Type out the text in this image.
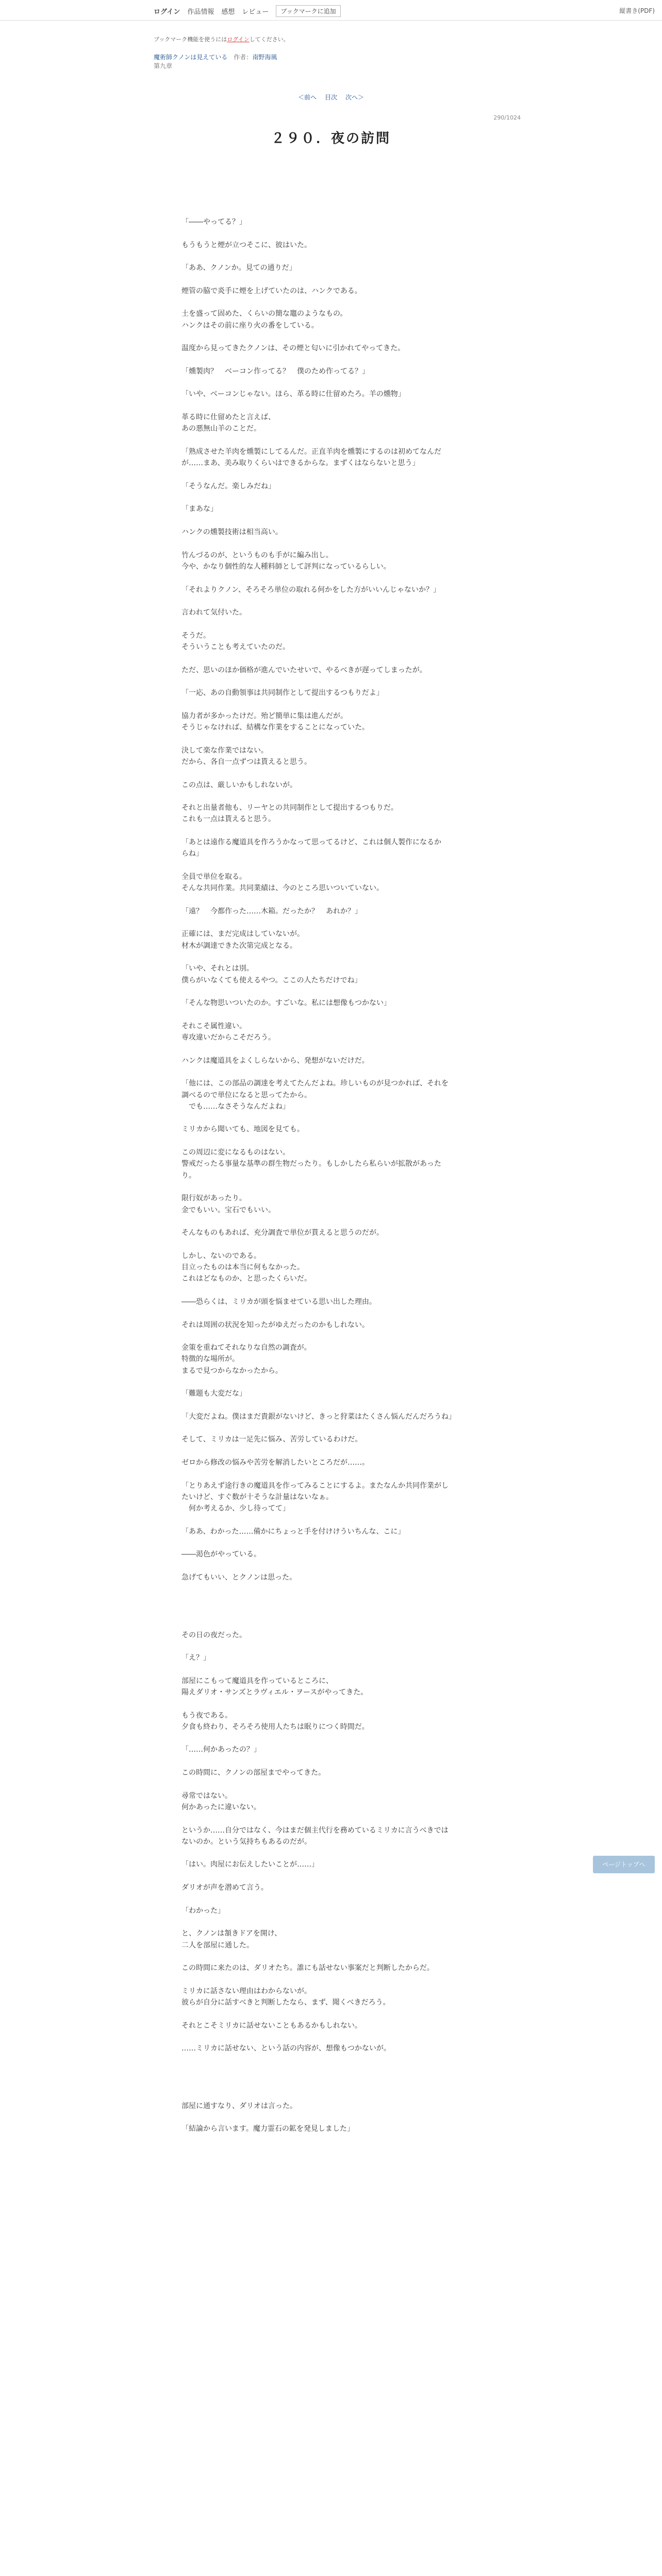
ログイン 作品情報 感想 レビュー	ブックマークに追加	縦書き(PDF)
ブックマーク機能を使うにはログインしてください。
魔術師クノンは見えている　 作者：南野海風
第九章
＜前へ 目次 次へ＞
290/1024
２９０．夜の訪問

「――やってる？」

もうもうと煙が立つそこに、彼はいた。

「ああ、クノンか。見ての通りだ」

煙管の脇で炎手に煙を上げていたのは、ハンクである。

土を盛って固めた、くらいの簡な竈のようなもの。

ハンクはその前に座り火の番をしている。

温度から見ってきたクノンは、その煙と匂いに引かれてやってきた。

「燻製肉？　ベーコン作ってる？　僕のため作ってる？」

「いや、ベーコンじゃない。ほら、革る時に仕留めたろ。羊の燻物」

革る時に仕留めたと言えば、

あの悪無山羊のことだ。

「熟成させた羊肉を燻製にしてるんだ。正直羊肉を燻製にするのは初めてなんだ

が……まあ、美み取りくらいはできるからな。まずくはならないと思う」

「そうなんだ。楽しみだね」

「まあな」

ハンクの燻製技術は相当高い。

竹んづるのが、というものも手がに編み出し。

今や、かなり個性的な人種料師として評判になっているらしい。

「それよりクノン、そろそろ単位の取れる何かをした方がいいんじゃないか？」

言われて気付いた。

そうだ。

そういうことも考えていたのだ。

ただ、思いのほか価格が進んでいたせいで、やるべきが遅ってしまったが。

「一応、あの自動領事は共同制作として提出するつもりだよ」

協力者が多かったけだ。殆ど簡単に集は進んだが。

そうじゃなければ、結構な作業をすることになっていた。

決して楽な作業ではない。

だから、各自一点ずつは貰えると思う。

この点は、厳しいかもしれないが。

それと出量者他も、リーヤとの共同制作として提出するつもりだ。

これも一点は貰えると思う。

「あとは遠作る魔道具を作ろうかなって思ってるけど、これは個人製作になるか

らね」

全員で単位を取る。

そんな共同作業。共同業績は、今のところ思いついていない。

「遠？　今都作った……木箱。だったか？　あれか？」

正確には、まだ完成はしていないが。

材木が調達できた次第完成となる。

「いや、それとは別。

僕らがいなくても使えるやつ。ここの人たちだけでね」

「そんな物思いついたのか。すごいな。私には想像もつかない」

それこそ属性違い。

専攻違いだからこそだろう。

ハンクは魔道具をよくしらないから、発想がないだけだ。

「他には、この部品の調達を考えてたんだよね。珍しいものが見つかれば、それを

調べるので単位になると思ってたから。

　でも……なさそうなんだよね」

ミリカから聞いても、地図を見ても。

この周辺に変になるものはない。

警戒だったる事量な基準の群生物だったり。もしかしたら私らいが拡散があった

り。

限行奴があったり。

金でもいい。宝石でもいい。

そんなものもあれば、充分調査で単位が貰えると思うのだが。

しかし、ないのである。

目立ったものは本当に何もなかった。

これはどなものか、と思ったくらいだ。

――恐らくは、ミリカが頭を悩ませている思い出した理由。

それは周囲の状況を知ったがゆえだったのかもしれない。

金策を重ねてそれなりな自然の調査が。

特徴的な場所が。

まるで見つからなかったから。

「難題も大変だな」

「大変だよね。僕はまだ貴銀がないけど、きっと狩菜はたくさん悩んだんだろうね」

そして、ミリカは一足先に悩み、苦労しているわけだ。

ゼロから修改の悩みや苦労を解消したいところだが……。

「とりあえず途行きの魔道具を作ってみることにするよ。またなんか共同作業がし

たいけど、すぐ数が十そうな計量はないなぁ。

　何か考えるか、少し待ってて」

「ああ、わかった……備かにちょっと手を付けけういちんな、こに」

――渇色がやっている。

急げてもいい、とクノンは思った。

その日の夜だった。

「え？」

部屋にこもって魔道具を作っているところに、

陽えダリオ・サンズとラヴィエル・ヲースがやってきた。

もう夜である。

夕食も終わり、そろそろ使用人たちは眠りにつく時間だ。

「……何かあったの？」

この時間に、クノンの部屋までやってきた。

尋常ではない。

何かあったに違いない。

というか……自分ではなく、今はまだ個主代行を務めているミリカに言うべきでは

ないのか。という気持ちもあるのだが。

「はい。肉屋にお伝えしたいことが……」

ダリオが声を潜めて言う。

「わかった」

と、クノンは頷きドアを開け、

二人を部屋に通した。

この時間に来たのは、ダリオたち。誰にも話せない事案だと判断したからだ。

ミリカに話さない理由はわからないが。

彼らが自分に話すべきと判断したなら、まず、聞くべきだろう。

それとこそミリカに話せないこともあるかもしれない。

……ミリカに話せない、という話の内容が、想像もつかないが。

部屋に通すなり、ダリオは言った。

「結論から言います。魔力霊石の鉱を発見しました」

ページトップへ
